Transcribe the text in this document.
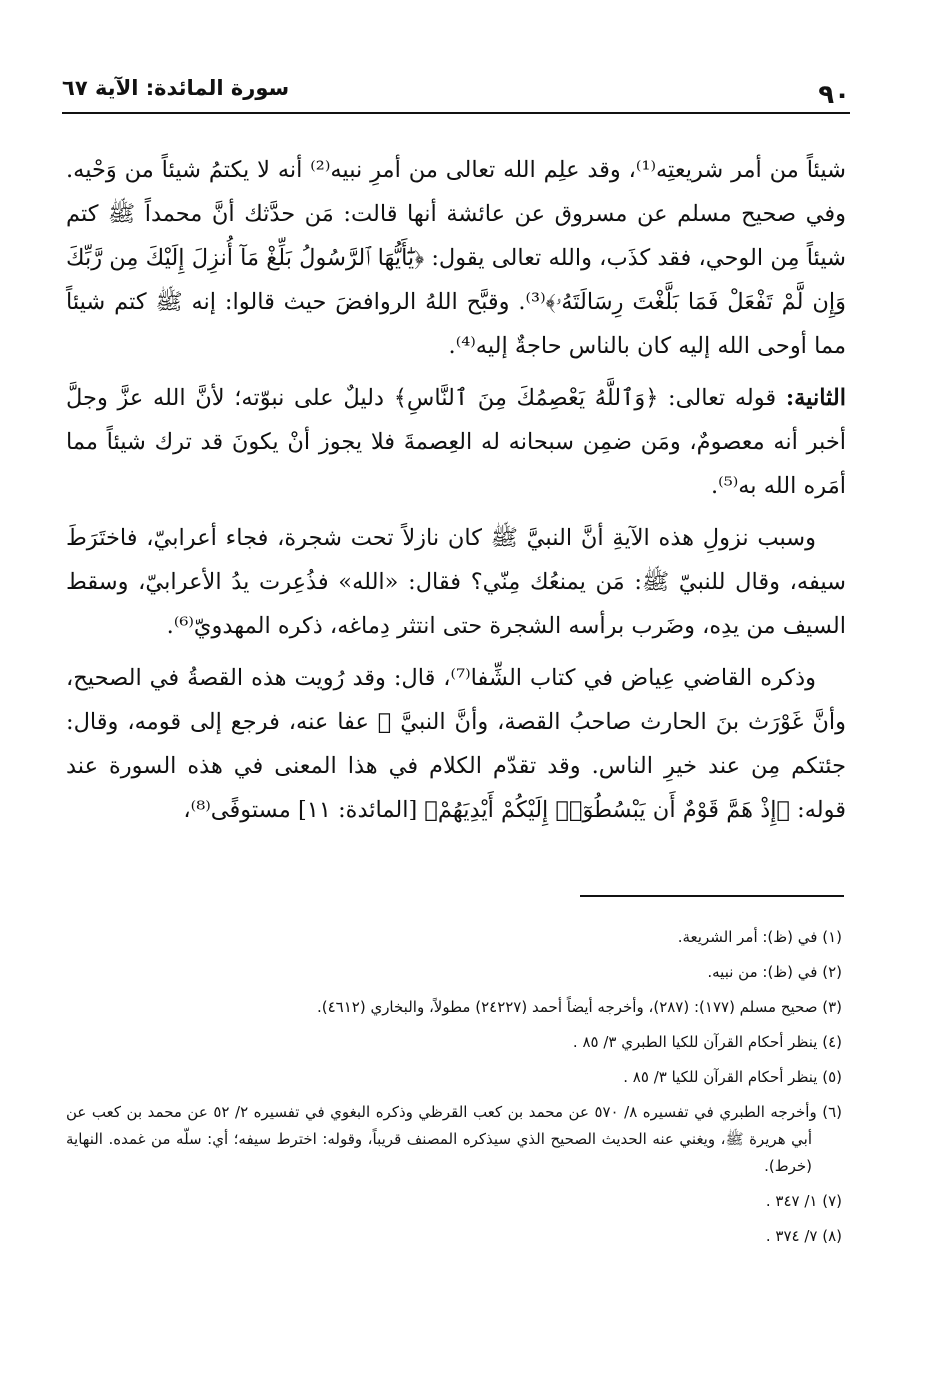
٩٠
سورة المائدة: الآية ٦٧

شيئاً من أمر شريعتِه⁽¹⁾، وقد علِم الله تعالى من أمرِ نبيه⁽²⁾ أنه لا يكتمُ شيئاً من وَحْيه. وفي صحيح مسلم عن مسروق عن عائشة أنها قالت: مَن حدَّثك أنَّ محمداً ﷺ كتم شيئاً مِن الوحي، فقد كذَب، والله تعالى يقول: ﴿يَٰٓأَيُّهَا ٱلرَّسُولُ بَلِّغْ مَآ أُنزِلَ إِلَيْكَ مِن رَّبِّكَ وَإِن لَّمْ تَفْعَلْ فَمَا بَلَّغْتَ رِسَالَتَهُۥ﴾⁽³⁾. وقبَّح اللهُ الروافضَ حيث قالوا: إنه ﷺ كتم شيئاً مما أوحى الله إليه كان بالناس حاجةٌ إليه⁽⁴⁾.

الثانية: قوله تعالى: ﴿وَٱللَّهُ يَعْصِمُكَ مِنَ ٱلنَّاسِ﴾ دليلٌ على نبوّته؛ لأنَّ الله عزَّ وجلَّ أخبر أنه معصومٌ، ومَن ضمِن سبحانه له العِصمةَ فلا يجوز أنْ يكونَ قد ترك شيئاً مما أمَره الله به⁽⁵⁾.

وسبب نزولِ هذه الآيةِ أنَّ النبيَّ ﷺ كان نازلاً تحت شجرة، فجاء أعرابيّ، فاختَرَطَ سيفه، وقال للنبيّ ﷺ: مَن يمنعُك مِنّي؟ فقال: «الله» فذُعِرت يدُ الأعرابيّ، وسقط السيف من يدِه، وضَرب برأسه الشجرة حتى انتثر دِماغه، ذكره المهدويّ⁽⁶⁾.

وذكره القاضي عِياض في كتاب الشِّفا⁽⁷⁾، قال: وقد رُويت هذه القصةُ في الصحيح، وأنَّ غَوْرَث بنَ الحارث صاحبُ القصة، وأنَّ النبيَّ ﷺ عفا عنه، فرجع إلى قومه، وقال: جئتكم مِن عند خيرِ الناس. وقد تقدّم الكلام في هذا المعنى في هذه السورة عند قوله: ﴿إِذْ هَمَّ قَوْمٌ أَن يَبْسُطُوٓا۟ إِلَيْكُمْ أَيْدِيَهُمْ﴾ [المائدة: ١١] مستوفًى⁽⁸⁾،

(١) في (ظ): أمر الشريعة.

(٢) في (ظ): من نبيه.

(٣) صحيح مسلم (١٧٧): (٢٨٧)، وأخرجه أيضاً أحمد (٢٤٢٢٧) مطولاً، والبخاري (٤٦١٢).

(٤) ينظر أحكام القرآن للكيا الطبري ٣/ ٨٥ .

(٥) ينظر أحكام القرآن للكيا ٣/ ٨٥ .

(٦) وأخرجه الطبري في تفسيره ٨/ ٥٧٠ عن محمد بن كعب القرظي وذكره البغوي في تفسيره ٢/ ٥٢ عن محمد بن كعب عن أبي هريرة ﷺ، ويغني عنه الحديث الصحيح الذي سيذكره المصنف قريباً، وقوله: اخترط سيفه؛ أي: سلّه من غمده. النهاية (خرط).

(٧) ١/ ٣٤٧ .

(٨) ٧/ ٣٧٤ .
